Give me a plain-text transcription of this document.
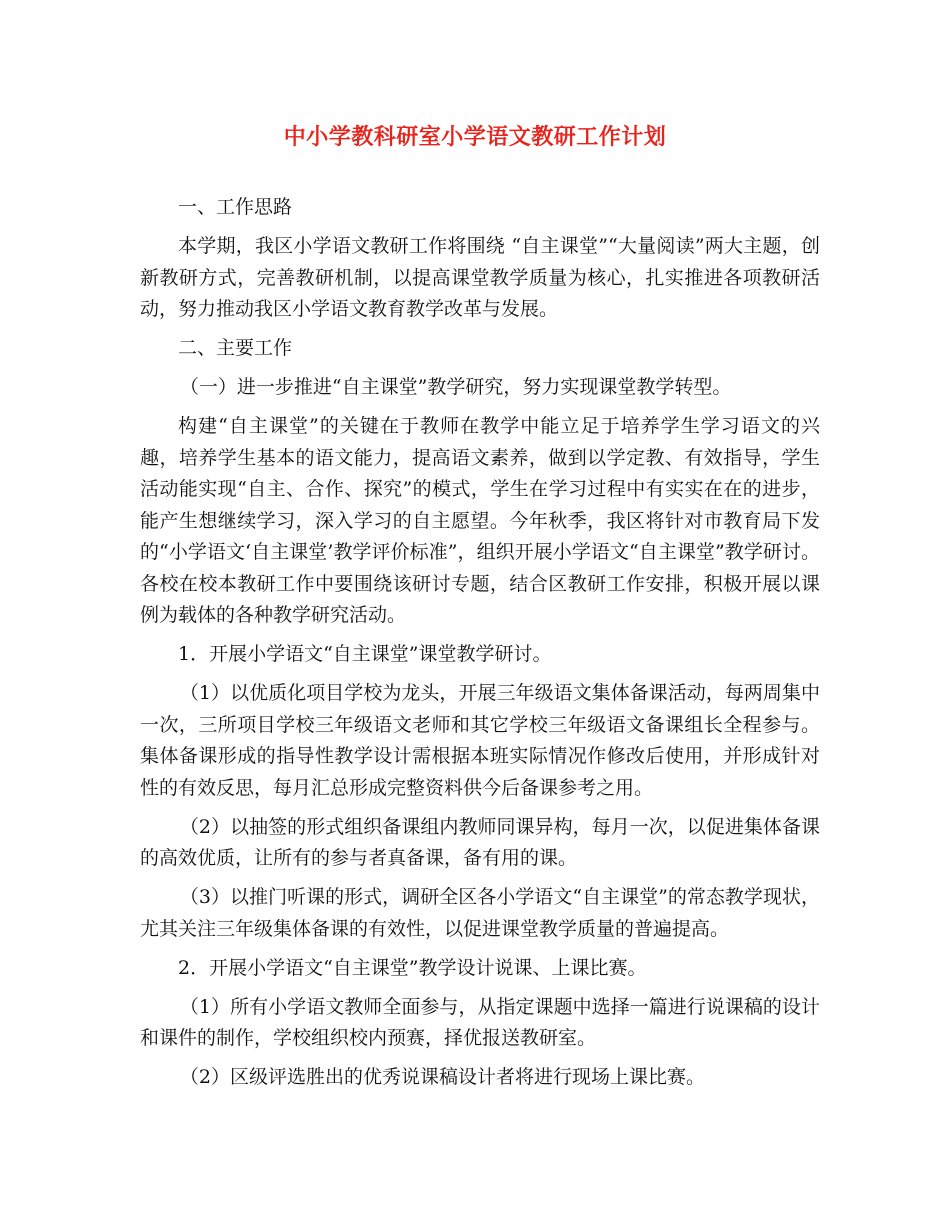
中小学教科研室小学语文教研工作计划

一、工作思路

本学期，我区小学语文教研工作将围绕 “自主课堂”“大量阅读”两大主题，创新教研方式，完善教研机制，以提高课堂教学质量为核心，扎实推进各项教研活动，努力推动我区小学语文教育教学改革与发展。

二、主要工作

（一）进一步推进“自主课堂”教学研究，努力实现课堂教学转型。

构建“自主课堂”的关键在于教师在教学中能立足于培养学生学习语文的兴趣，培养学生基本的语文能力，提高语文素养，做到以学定教、有效指导，学生活动能实现“自主、合作、探究”的模式，学生在学习过程中有实实在在的进步，能产生想继续学习，深入学习的自主愿望。今年秋季，我区将针对市教育局下发的“小学语文‘自主课堂’教学评价标准”，组织开展小学语文“自主课堂”教学研讨。各校在校本教研工作中要围绕该研讨专题，结合区教研工作安排，积极开展以课例为载体的各种教学研究活动。

1．开展小学语文“自主课堂”课堂教学研讨。

（1）以优质化项目学校为龙头，开展三年级语文集体备课活动，每两周集中一次，三所项目学校三年级语文老师和其它学校三年级语文备课组长全程参与。集体备课形成的指导性教学设计需根据本班实际情况作修改后使用，并形成针对性的有效反思，每月汇总形成完整资料供今后备课参考之用。

（2）以抽签的形式组织备课组内教师同课异构，每月一次，以促进集体备课的高效优质，让所有的参与者真备课，备有用的课。

（3）以推门听课的形式，调研全区各小学语文“自主课堂”的常态教学现状，尤其关注三年级集体备课的有效性，以促进课堂教学质量的普遍提高。

2．开展小学语文“自主课堂”教学设计说课、上课比赛。

（1）所有小学语文教师全面参与，从指定课题中选择一篇进行说课稿的设计和课件的制作，学校组织校内预赛，择优报送教研室。

（2）区级评选胜出的优秀说课稿设计者将进行现场上课比赛。
